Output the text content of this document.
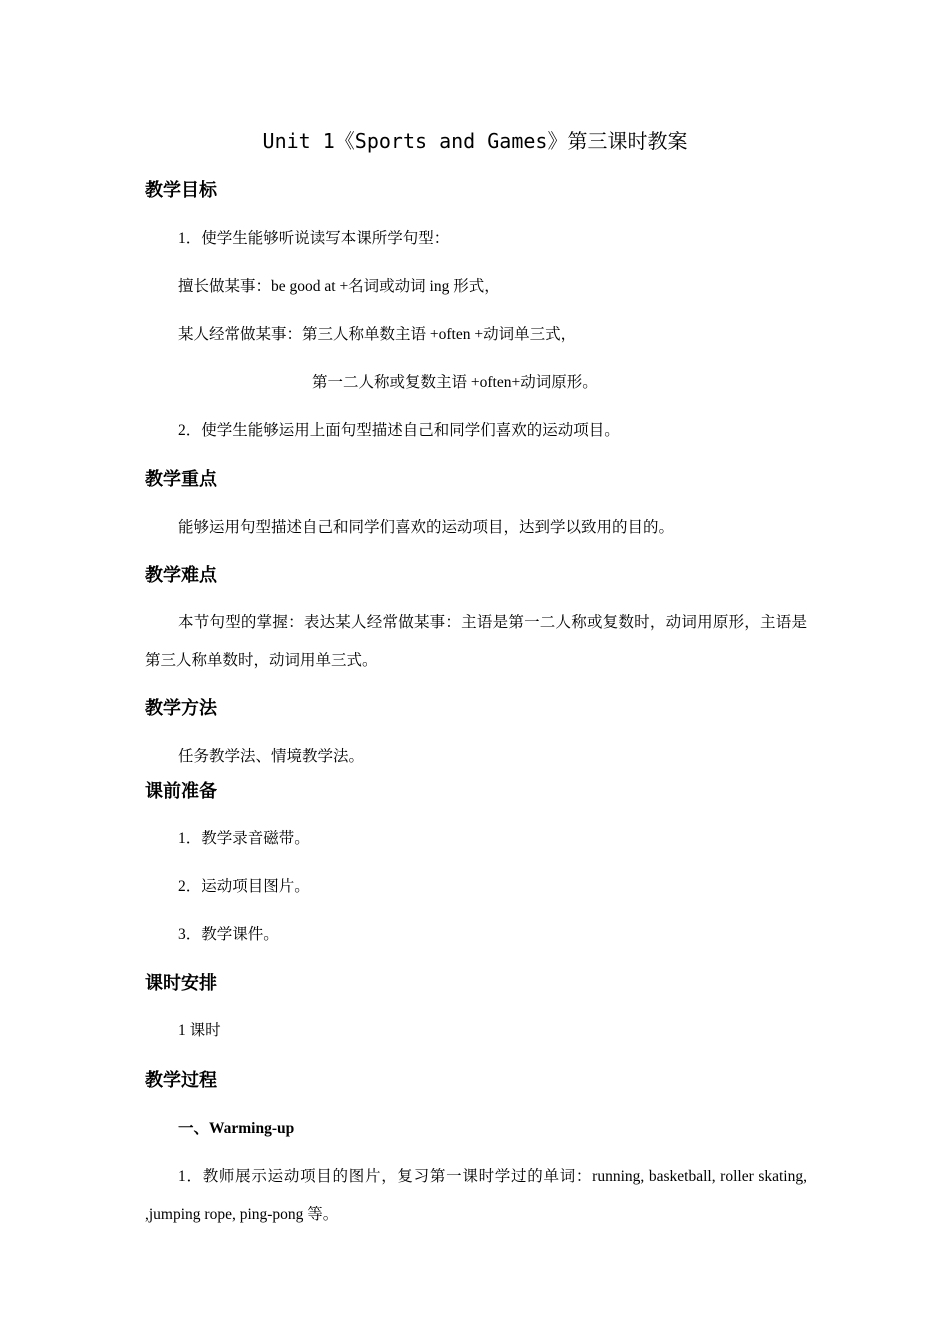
Unit 1《Sports and Games》第三课时教案
教学目标

1．使学生能够听说读写本课所学句型：

擅长做某事：be good at +名词或动词 ing 形式，

某人经常做某事：第三人称单数主语 +often +动词单三式，

第一二人称或复数主语 +often+动词原形。

2．使学生能够运用上面句型描述自己和同学们喜欢的运动项目。

教学重点

能够运用句型描述自己和同学们喜欢的运动项目，达到学以致用的目的。

教学难点

本节句型的掌握：表达某人经常做某事：主语是第一二人称或复数时，动词用原形，主语是第三人称单数时，动词用单三式。

教学方法

任务教学法、情境教学法。

课前准备

1．教学录音磁带。

2．运动项目图片。

3．教学课件。

课时安排

1 课时

教学过程

一、Warming-up

1．教师展示运动项目的图片，复习第一课时学过的单词：running, basketball, roller skating, ,jumping rope, ping-pong 等。
